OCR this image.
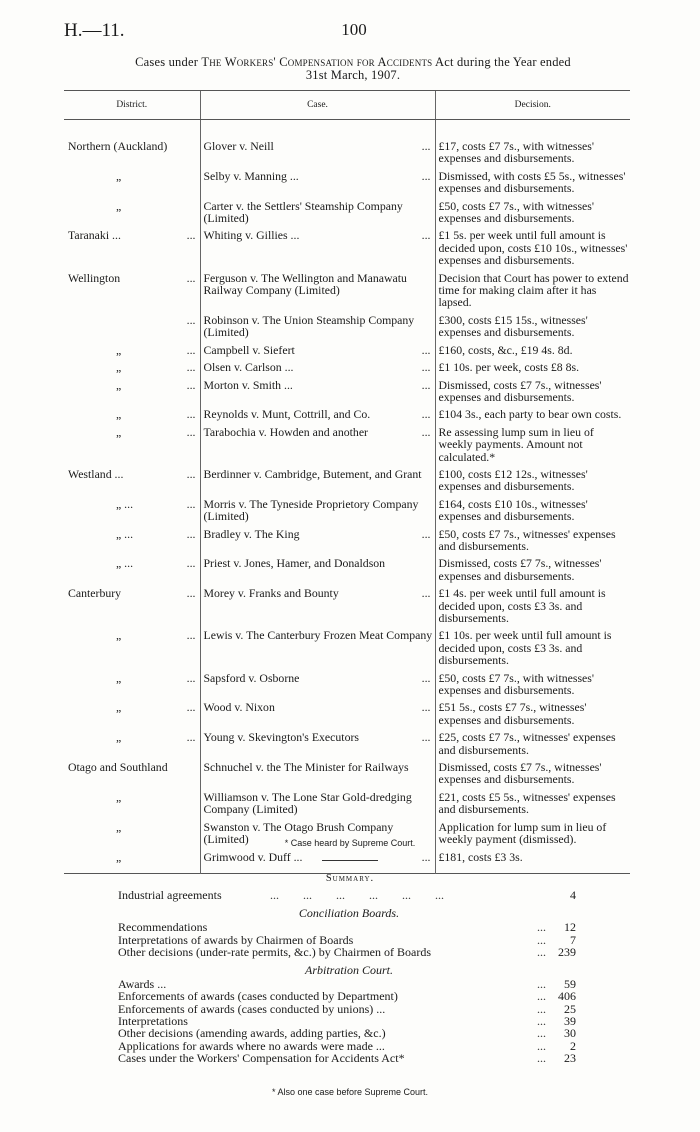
H.—11.	100
Cases under The Workers' Compensation for Accidents Act during the Year ended
31st March, 1907.
District.	Case.	Decision.

Northern (Auckland)	Glover v. Neill ...	£17, costs £7 7s., with witnesses' expenses and disbursements.

„	Selby v. Manning ... ...	Dismissed, with costs £5 5s., witnesses' expenses and disbursements.

„	Carter v. the Settlers' Steamship Company (Limited)	£50, costs £7 7s., with witnesses' expenses and disbursements.

Taranaki ... ...	Whiting v. Gillies ... ...	£1 5s. per week until full amount is decided upon, costs £10 10s., witnesses' expenses and disbursements.

Wellington ...	Ferguson v. The Wellington and Manawatu Railway Company (Limited)	Decision that Court has power to extend time for making claim after it has lapsed.

...	Robinson v. The Union Steamship Company (Limited)	£300, costs £15 15s., witnesses' expenses and disbursements.

„ ...	Campbell v. Siefert ...	£160, costs, &c., £19 4s. 8d.

„ ...	Olsen v. Carlson ... ...	£1 10s. per week, costs £8 8s.

„ ...	Morton v. Smith ... ...	Dismissed, costs £7 7s., witnesses' expenses and disbursements.

„ ...	Reynolds v. Munt, Cottrill, and Co. ...	£104 3s., each party to bear own costs.

„ ...	Tarabochia v. Howden and another ...	Re assessing lump sum in lieu of weekly payments. Amount not calculated.*

Westland ... ...	Berdinner v. Cambridge, Butement, and Grant	£100, costs £12 12s., witnesses' expenses and disbursements.

„ ... ...	Morris v. The Tyneside Proprietory Company (Limited)	£164, costs £10 10s., witnesses' expenses and disbursements.

„ ... ...	Bradley v. The King ...	£50, costs £7 7s., witnesses' expenses and disbursements.

„ ... ...	Priest v. Jones, Hamer, and Donaldson	Dismissed, costs £7 7s., witnesses' expenses and disbursements.

Canterbury ...	Morey v. Franks and Bounty ...	£1 4s. per week until full amount is decided upon, costs £3 3s. and disbursements.

„ ...	Lewis v. The Canterbury Frozen Meat Company	£1 10s. per week until full amount is decided upon, costs £3 3s. and disbursements.

„ ...	Sapsford v. Osborne ...	£50, costs £7 7s., with witnesses' expenses and disbursements.

„ ...	Wood v. Nixon ...	£51 5s., costs £7 7s., witnesses' expenses and disbursements.

„ ...	Young v. Skevington's Executors ...	£25, costs £7 7s., witnesses' expenses and disbursements.

Otago and Southland	Schnuchel v. the The Minister for Railways	Dismissed, costs £7 7s., witnesses' expenses and disbursements.

„	Williamson v. The Lone Star Gold-dredging Company (Limited)	£21, costs £5 5s., witnesses' expenses and disbursements.

„	Swanston v. The Otago Brush Company (Limited)	Application for lump sum in lieu of weekly payment (dismissed).

„	Grimwood v. Duff ... ...	£181, costs £3 3s.
* Case heard by Supreme Court.
Summary.
Industrial agreements	...        ...        ...        ...        ...        ...	4
Conciliation Boards.
Recommendations	... 12
Interpretations of awards by Chairmen of Boards	... 7
Other decisions (under-rate permits, &c.) by Chairmen of Boards	... 239
Arbitration Court.
Awards ...	... 59
Enforcements of awards (cases conducted by Department)	... 406
Enforcements of awards (cases conducted by unions) ...	... 25
Interpretations	... 39
Other decisions (amending awards, adding parties, &c.)	... 30
Applications for awards where no awards were made ...	... 2
Cases under the Workers' Compensation for Accidents Act*	... 23
* Also one case before Supreme Court.
